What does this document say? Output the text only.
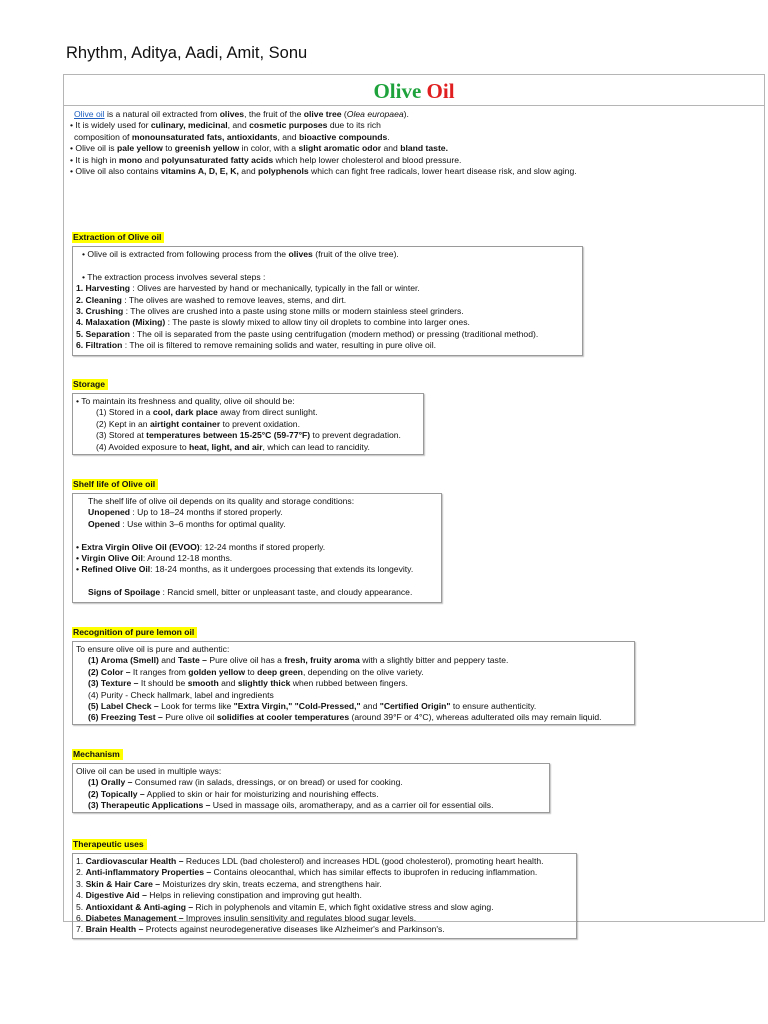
Rhythm, Aditya, Aadi, Amit, Sonu
Olive Oil
Olive oil is a natural oil extracted from olives, the fruit of the olive tree (Olea europaea).
• It is widely used for culinary, medicinal, and cosmetic purposes due to its rich
composition of monounsaturated fats, antioxidants, and bioactive compounds.
• Olive oil is pale yellow to greenish yellow in color, with a slight aromatic odor and bland taste.
• It is high in mono and polyunsaturated fatty acids which help lower cholesterol and blood pressure.
• Olive oil also contains vitamins A, D, E, K, and polyphenols which can fight free radicals, lower heart disease risk, and slow aging.
Extraction of Olive oil
• Olive oil is extracted from following process from the olives (fruit of the olive tree).
• The extraction process involves several steps :
1. Harvesting : Olives are harvested by hand or mechanically, typically in the fall or winter.
2. Cleaning : The olives are washed to remove leaves, stems, and dirt.
3. Crushing : The olives are crushed into a paste using stone mills or modern stainless steel grinders.
4. Malaxation (Mixing) : The paste is slowly mixed to allow tiny oil droplets to combine into larger ones.
5. Separation : The oil is separated from the paste using centrifugation (modern method) or pressing (traditional method).
6. Filtration : The oil is filtered to remove remaining solids and water, resulting in pure olive oil.
Storage
• To maintain its freshness and quality, olive oil should be:
(1) Stored in a cool, dark place away from direct sunlight.
(2) Kept in an airtight container to prevent oxidation.
(3) Stored at temperatures between 15-25°C (59-77°F) to prevent degradation.
(4) Avoided exposure to heat, light, and air, which can lead to rancidity.
Shelf life of Olive oil
The shelf life of olive oil depends on its quality and storage conditions:
Unopened : Up to 18–24 months if stored properly.
Opened : Use within 3–6 months for optimal quality.
• Extra Virgin Olive Oil (EVOO): 12-24 months if stored properly.
• Virgin Olive Oil: Around 12-18 months.
• Refined Olive Oil: 18-24 months, as it undergoes processing that extends its longevity.
Signs of Spoilage : Rancid smell, bitter or unpleasant taste, and cloudy appearance.
Recognition of pure lemon oil
To ensure olive oil is pure and authentic:
(1) Aroma (Smell) and Taste – Pure olive oil has a fresh, fruity aroma with a slightly bitter and peppery taste.
(2) Color – It ranges from golden yellow to deep green, depending on the olive variety.
(3) Texture – It should be smooth and slightly thick when rubbed between fingers.
(4) Purity - Check hallmark, label and ingredients
(5) Label Check – Look for terms like "Extra Virgin," "Cold-Pressed," and "Certified Origin" to ensure authenticity.
(6) Freezing Test – Pure olive oil solidifies at cooler temperatures (around 39°F or 4°C), whereas adulterated oils may remain liquid.
Mechanism
Olive oil can be used in multiple ways:
(1) Orally – Consumed raw (in salads, dressings, or on bread) or used for cooking.
(2) Topically – Applied to skin or hair for moisturizing and nourishing effects.
(3) Therapeutic Applications – Used in massage oils, aromatherapy, and as a carrier oil for essential oils.
Therapeutic uses
1. Cardiovascular Health – Reduces LDL (bad cholesterol) and increases HDL (good cholesterol), promoting heart health.
2. Anti-inflammatory Properties – Contains oleocanthal, which has similar effects to ibuprofen in reducing inflammation.
3. Skin & Hair Care – Moisturizes dry skin, treats eczema, and strengthens hair.
4. Digestive Aid – Helps in relieving constipation and improving gut health.
5. Antioxidant & Anti-aging – Rich in polyphenols and vitamin E, which fight oxidative stress and slow aging.
6. Diabetes Management – Improves insulin sensitivity and regulates blood sugar levels.
7. Brain Health – Protects against neurodegenerative diseases like Alzheimer's and Parkinson's.
